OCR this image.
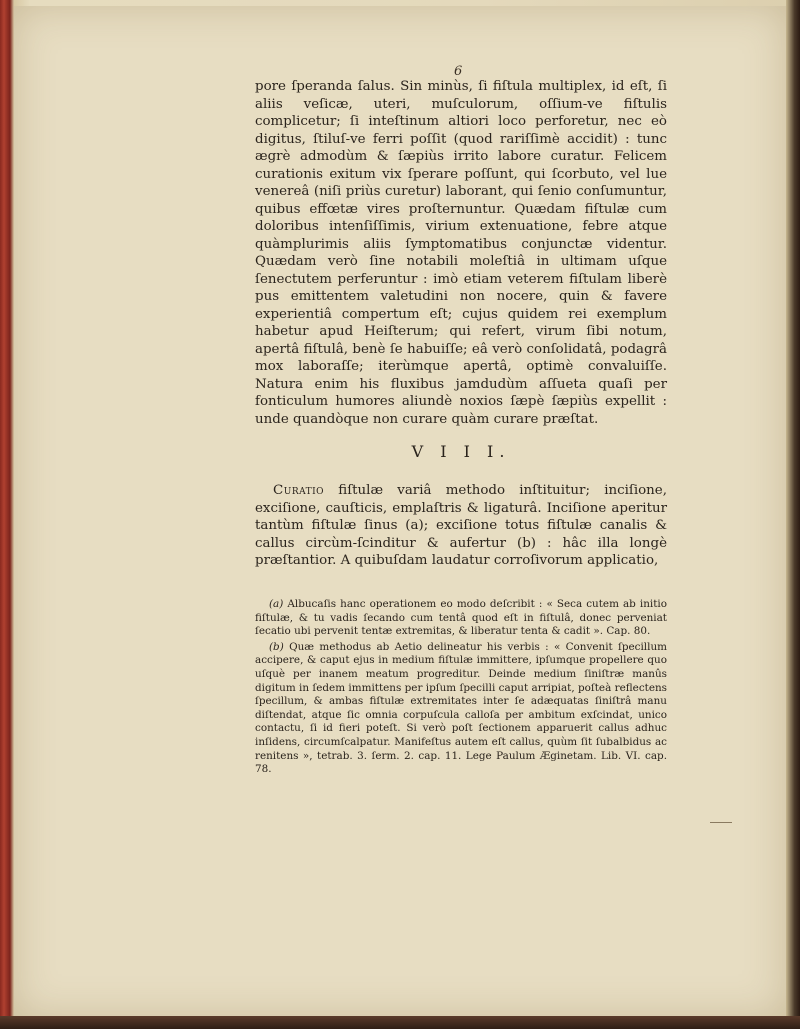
6

pore ſperanda ſalus. Sin minùs, ſi fiſtula multiplex, id eſt, ſi aliis veſicæ, uteri, muſculorum, oſſium-ve fiſtulis complicetur; ſi inteſtinum altiori loco perforetur, nec eò digitus, ſtiluſ-ve ferri poſſit (quod rariſſimè accidit) : tunc ægrè admodùm & ſæpiùs irrito labore curatur. Felicem curationis exitum vix ſperare poſſunt, qui ſcorbuto, vel lue venereâ (niſi priùs curetur) laborant, qui ſenio conſumuntur, quibus effœtæ vires proſternuntur. Quædam fiſtulæ cum doloribus intenſiſſimis, virium extenuatione, febre atque quàmplurimis aliis ſymptomatibus conjunctæ videntur. Quædam verò ſine notabili moleſtiâ in ultimam uſque ſenectutem perferuntur : imò etiam veterem fiſtulam liberè pus emittentem valetudini non nocere, quin & favere experientiâ compertum eſt; cujus quidem rei exemplum habetur apud Heiſterum; qui refert, virum ſibi notum, apertâ fiſtulâ, benè ſe habuiſſe; eâ verò conſolidatâ, podagrâ mox laboraſſe; iterùmque apertâ, optimè convaluiſſe. Natura enim his fluxibus jamdudùm aſſueta quaſi per fonticulum humores aliundè noxios ſæpè ſæpiùs expellit : unde quandòque non curare quàm curare præſtat.

V I I I.

Curatio fiſtulæ variâ methodo inſtituitur; inciſione, exciſione, cauſticis, emplaſtris & ligaturâ. Inciſione aperitur tantùm fiſtulæ ſinus (a); exciſione totus fiſtulæ canalis & callus circùm-ſcinditur & aufertur (b) : hâc illa longè præſtantior. A quibuſdam laudatur corroſivorum applicatio,

(a) Albucaſis hanc operationem eo modo deſcribit : « Seca cutem ab initio fiſtulæ, & tu vadis ſecando cum tentâ quod eſt in fiſtulâ, donec perveniat ſecatio ubi pervenit tentæ extremitas, & liberatur tenta & cadit ». Cap. 80.

(b) Quæ methodus ab Aetio delineatur his verbis : « Convenit ſpecillum accipere, & caput ejus in medium fiſtulæ immittere, ipſumque propellere quo uſquè per inanem meatum progreditur. Deinde medium ſiniſtræ manûs digitum in ſedem immittens per ipſum ſpecilli caput arripiat, poſteà reflectens ſpecillum, & ambas fiſtulæ extremitates inter ſe adæquatas ſiniſtrâ manu diſtendat, atque ſic omnia corpuſcula calloſa per ambitum exſcindat, unico contactu, ſi id fieri poteſt. Si verò poſt ſectionem apparuerit callus adhuc inſidens, circumſcalpatur. Manifeſtus autem eſt callus, quùm ſit ſubalbidus ac renitens », tetrab. 3. ſerm. 2. cap. 11. Lege Paulum Æginetam. Lib. VI. cap. 78.
